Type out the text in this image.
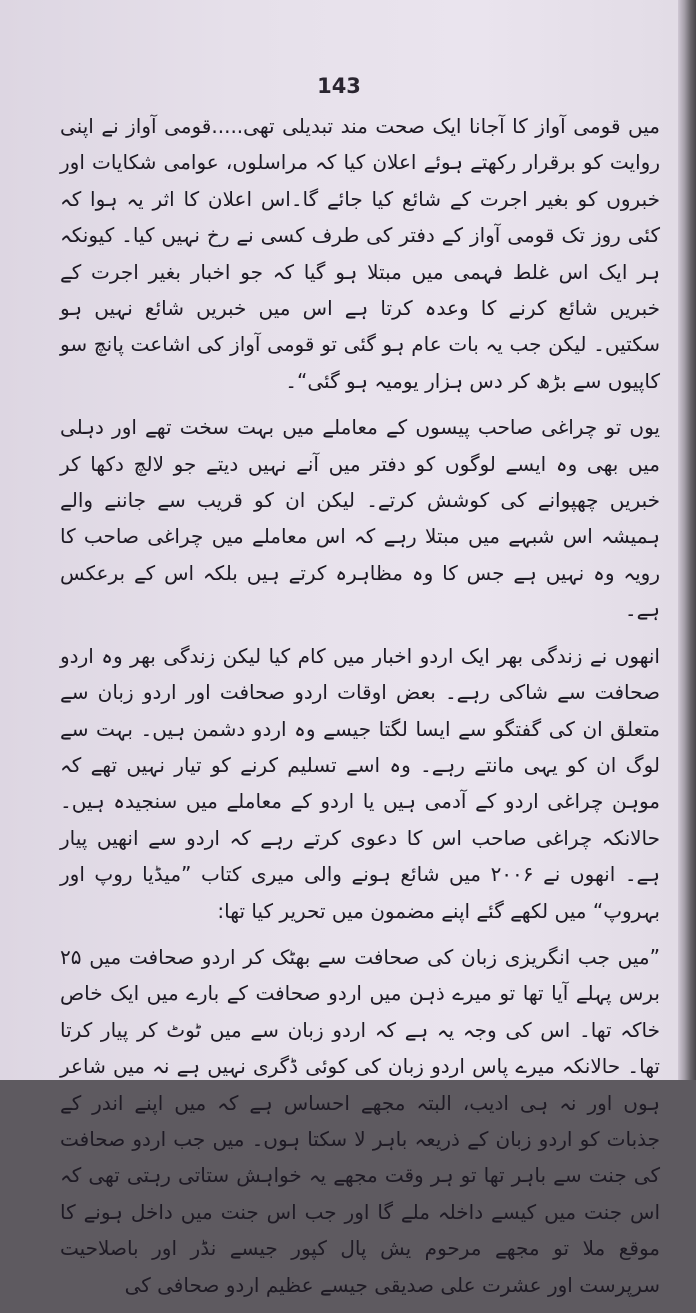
143

میں قومی آواز کا آجانا ایک صحت مند تبدیلی تھی.....قومی آواز نے اپنی روایت کو برقرار رکھتے ہوئے اعلان کیا کہ مراسلوں، عوامی شکایات اور خبروں کو بغیر اجرت کے شائع کیا جائے گا۔اس اعلان کا اثر یہ ہوا کہ کئی روز تک قومی آواز کے دفتر کی طرف کسی نے رخ نہیں کیا۔ کیونکہ ہر ایک اس غلط فہمی میں مبتلا ہو گیا کہ جو اخبار بغیر اجرت کے خبریں شائع کرنے کا وعدہ کرتا ہے اس میں خبریں شائع نہیں ہو سکتیں۔ لیکن جب یہ بات عام ہو گئی تو قومی آواز کی اشاعت پانچ سو کاپیوں سے بڑھ کر دس ہزار یومیہ ہو گئی“۔

یوں تو چراغی صاحب پیسوں کے معاملے میں بہت سخت تھے اور دہلی میں بھی وہ ایسے لوگوں کو دفتر میں آنے نہیں دیتے جو لالچ دکھا کر خبریں چھپوانے کی کوشش کرتے۔ لیکن ان کو قریب سے جاننے والے ہمیشہ اس شبہے میں مبتلا رہے کہ اس معاملے میں چراغی صاحب کا رویہ وہ نہیں ہے جس کا وہ مظاہرہ کرتے ہیں بلکہ اس کے برعکس ہے۔

انھوں نے زندگی بھر ایک اردو اخبار میں کام کیا لیکن زندگی بھر وہ اردو صحافت سے شاکی رہے۔ بعض اوقات اردو صحافت اور اردو زبان سے متعلق ان کی گفتگو سے ایسا لگتا جیسے وہ اردو دشمن ہیں۔ بہت سے لوگ ان کو یہی مانتے رہے۔ وہ اسے تسلیم کرنے کو تیار نہیں تھے کہ موہن چراغی اردو کے آدمی ہیں یا اردو کے معاملے میں سنجیدہ ہیں۔ حالانکہ چراغی صاحب اس کا دعوی کرتے رہے کہ اردو سے انھیں پیار ہے۔ انھوں نے ۲۰۰۶ میں شائع ہونے والی میری کتاب ”میڈیا روپ اور بہروپ“ میں لکھے گئے اپنے مضمون میں تحریر کیا تھا:

”میں جب انگریزی زبان کی صحافت سے بھٹک کر اردو صحافت میں ۲۵ برس پہلے آیا تھا تو میرے ذہن میں اردو صحافت کے بارے میں ایک خاص خاکہ تھا۔ اس کی وجہ یہ ہے کہ اردو زبان سے میں ٹوٹ کر پیار کرتا تھا۔ حالانکہ میرے پاس اردو زبان کی کوئی ڈگری نہیں ہے نہ میں شاعر ہوں اور نہ ہی ادیب، البتہ مجھے احساس ہے کہ میں اپنے اندر کے جذبات کو اردو زبان کے ذریعہ باہر لا سکتا ہوں۔ میں جب اردو صحافت کی جنت سے باہر تھا تو ہر وقت مجھے یہ خواہش ستاتی رہتی تھی کہ اس جنت میں کیسے داخلہ ملے گا اور جب اس جنت میں داخل ہونے کا موقع ملا تو مجھے مرحوم یش پال کپور جیسے نڈر اور باصلاحیت سرپرست اور عشرت علی صدیقی جیسے عظیم اردو صحافی کی
